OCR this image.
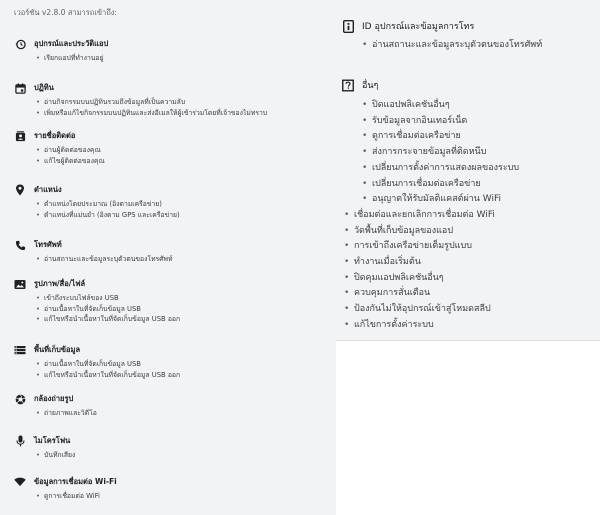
เวอร์ชัน v2.8.0 สามารถเข้าถึง:
อุปกรณ์และประวัติแอป
• เรียกแอปที่ทำงานอยู่
ปฏิทิน
• อ่านกิจกรรมบนปฏิทินรวมถึงข้อมูลที่เป็นความลับ
• เพิ่มหรือแก้ไขกิจกรรมบนปฏิทินและส่งอีเมลให้ผู้เข้าร่วมโดยที่เจ้าของไม่ทราบ
รายชื่อติดต่อ
• อ่านผู้ติดต่อของคุณ
• แก้ไขผู้ติดต่อของคุณ
ตำแหน่ง
• ตำแหน่งโดยประมาณ (อิงตามเครือข่าย)
• ตำแหน่งที่แม่นยำ (อิงตาม GPS และเครือข่าย)
โทรศัพท์
• อ่านสถานะและข้อมูลระบุตัวตนของโทรศัพท์
รูปภาพ/สื่อ/ไฟล์
• เข้าถึงระบบไฟล์ของ USB
• อ่านเนื้อหาในที่จัดเก็บข้อมูล USB
• แก้ไขหรือนำเนื้อหาในที่จัดเก็บข้อมูล USB ออก
พื้นที่เก็บข้อมูล
• อ่านเนื้อหาในที่จัดเก็บข้อมูล USB
• แก้ไขหรือนำเนื้อหาในที่จัดเก็บข้อมูล USB ออก
กล้องถ่ายรูป
• ถ่ายภาพและวิดีโอ
ไมโครโฟน
• บันทึกเสียง
ข้อมูลการเชื่อมต่อ Wi-Fi
• ดูการเชื่อมต่อ WiFi
ID อุปกรณ์และข้อมูลการโทร
• อ่านสถานะและข้อมูลระบุตัวตนของโทรศัพท์
อื่นๆ
• ปิดแอปพลิเคชันอื่นๆ
• รับข้อมูลจากอินเทอร์เน็ต
• ดูการเชื่อมต่อเครือข่าย
• ส่งการกระจายข้อมูลที่ติดหนึบ
• เปลี่ยนการตั้งค่าการแสดงผลของระบบ
• เปลี่ยนการเชื่อมต่อเครือข่าย
• อนุญาตให้รับมัลติแคสต์ผ่าน WiFi
• เชื่อมต่อและยกเลิกการเชื่อมต่อ WiFi
• วัดพื้นที่เก็บข้อมูลของแอป
• การเข้าถึงเครือข่ายเต็มรูปแบบ
• ทำงานเมื่อเริ่มต้น
• ปิดคุมแอปพลิเคชันอื่นๆ
• ควบคุมการสั่นเตือน
• ป้องกันไม่ให้อุปกรณ์เข้าสู่โหมดสลีป
• แก้ไขการตั้งค่าระบบ
